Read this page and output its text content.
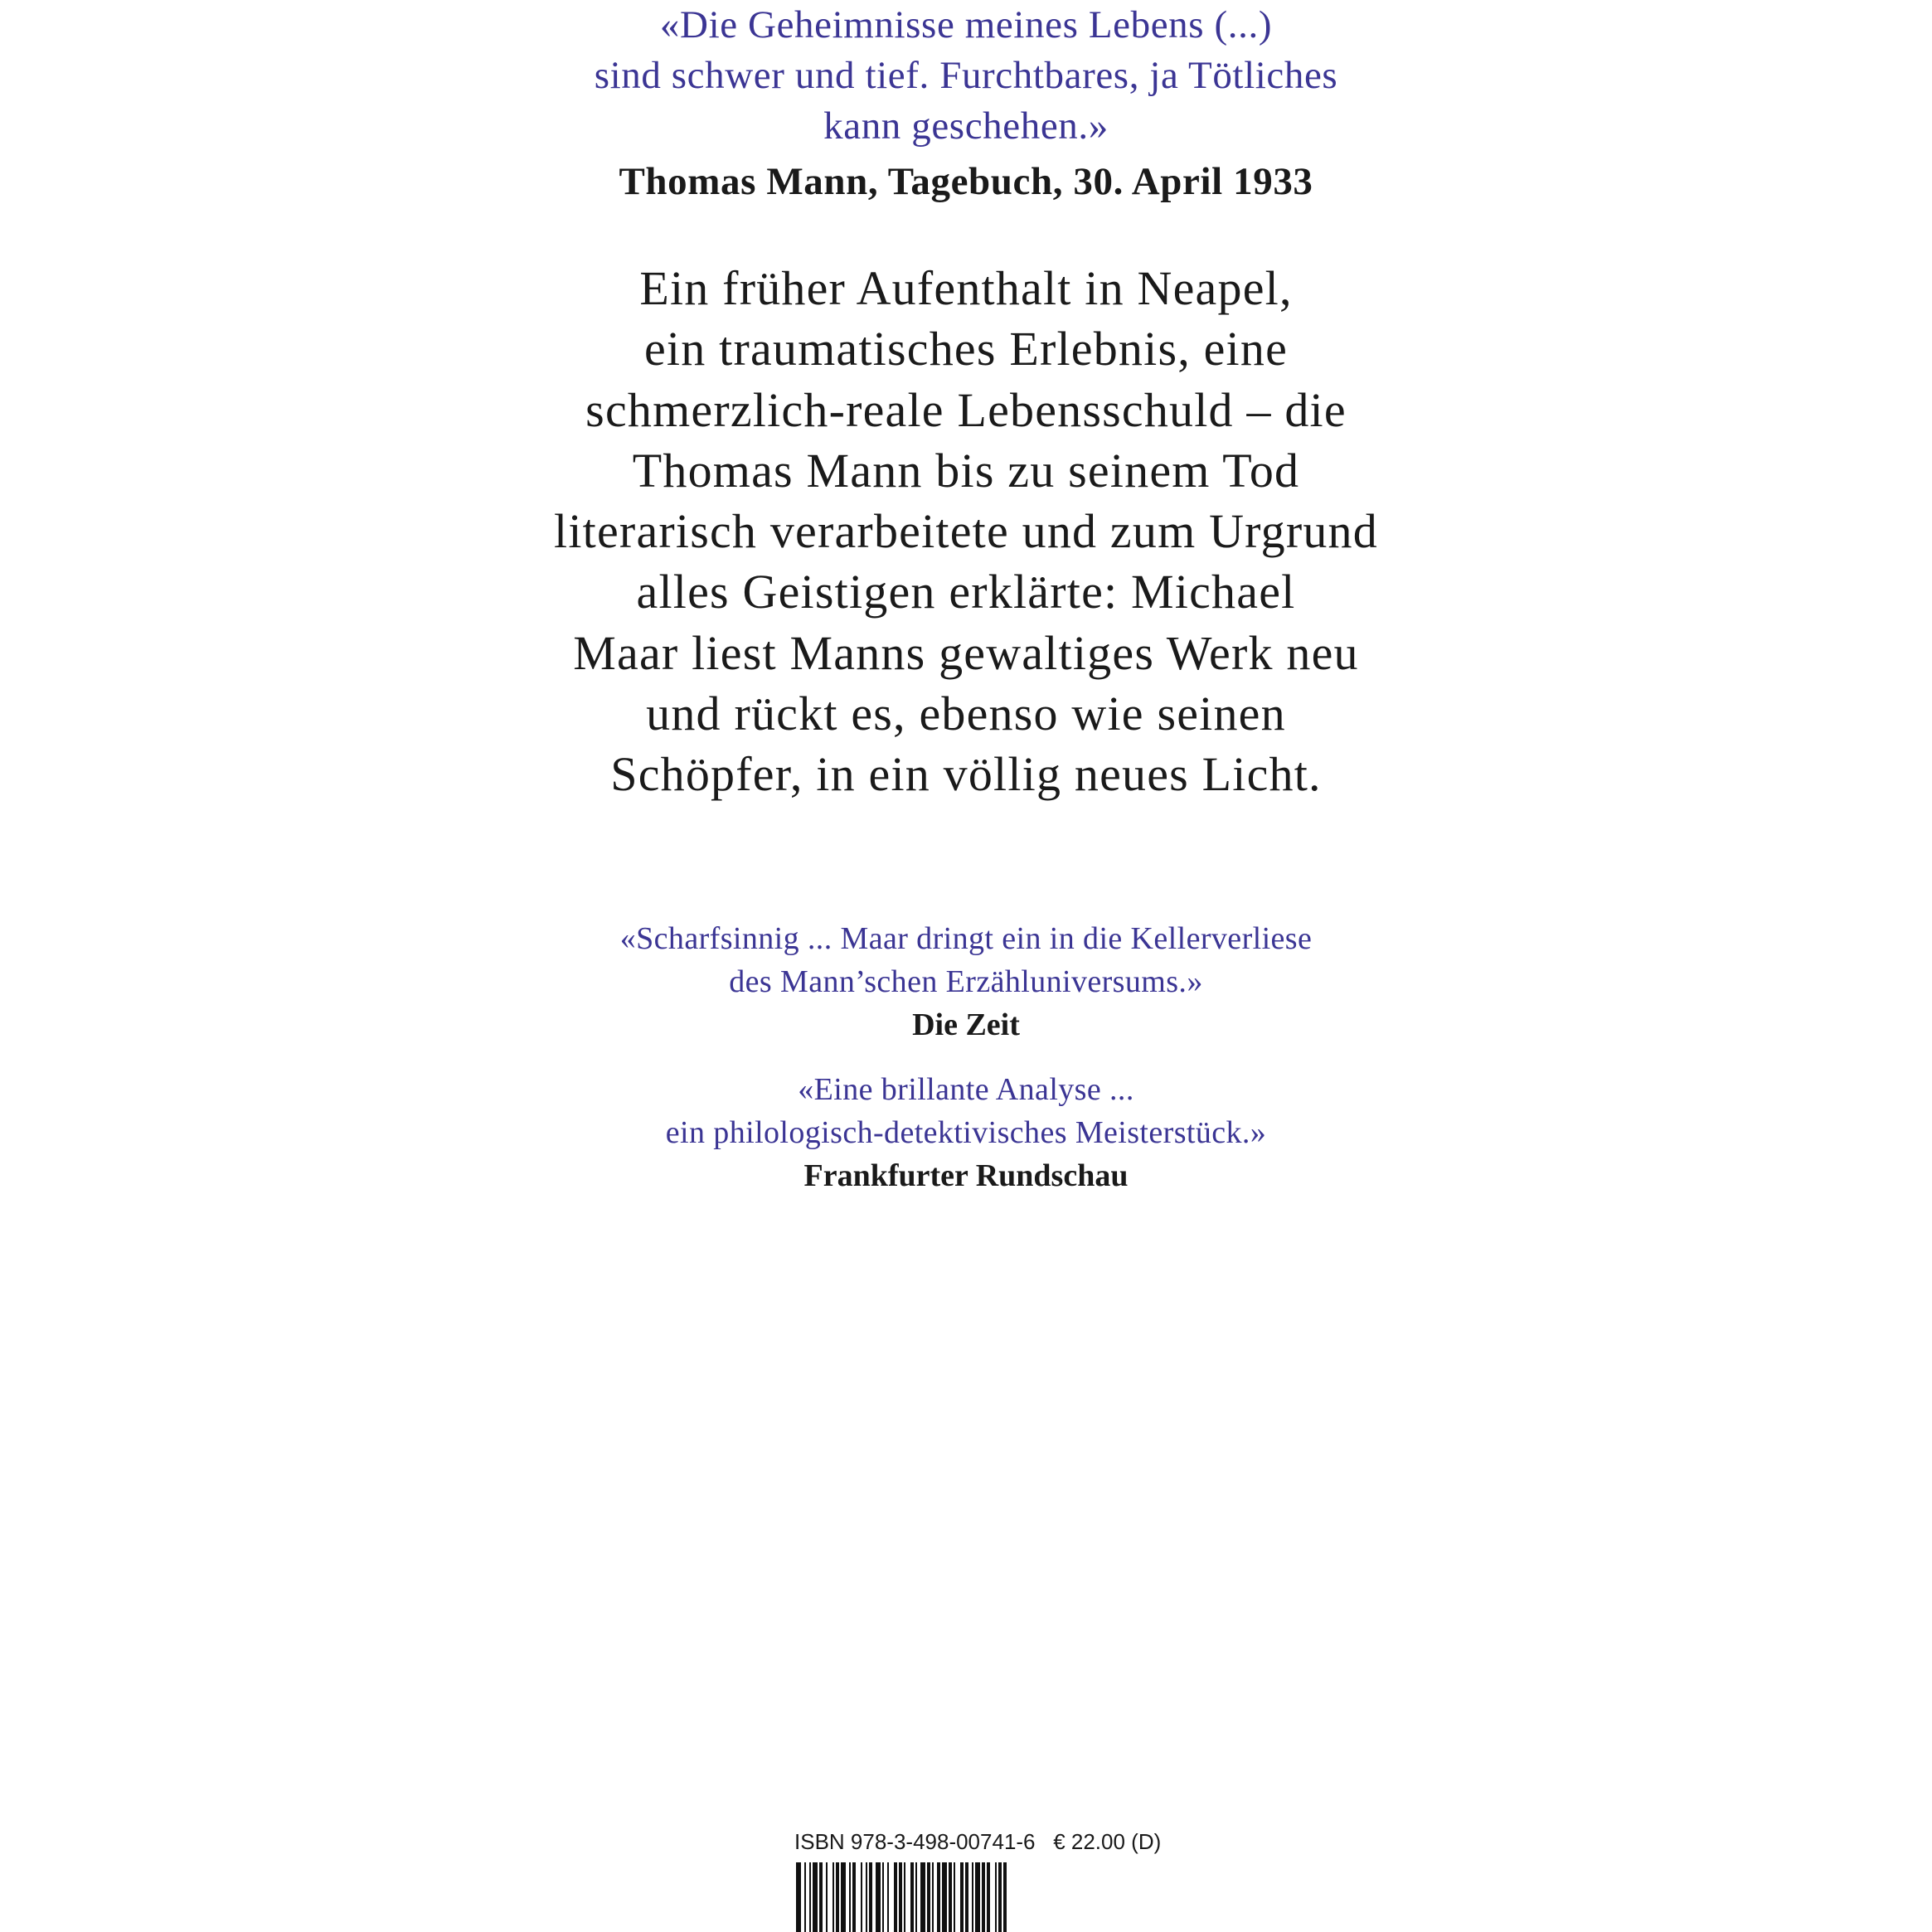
«Die Geheimnisse meines Lebens (...)
sind schwer und tief. Furchtbares, ja Tötliches
kann geschehen.»
Thomas Mann, Tagebuch, 30. April 1933
Ein früher Aufenthalt in Neapel,
ein traumatisches Erlebnis, eine
schmerzlich-reale Lebensschuld – die
Thomas Mann bis zu seinem Tod
literarisch verarbeitete und zum Urgrund
alles Geistigen erklärte: Michael
Maar liest Manns gewaltiges Werk neu
und rückt es, ebenso wie seinen
Schöpfer, in ein völlig neues Licht.
«Scharfsinnig ... Maar dringt ein in die Kellerverliese
des Mann’schen Erzähluniversums.»
Die Zeit
«Eine brillante Analyse ...
ein philologisch-detektivisches Meisterstück.»
Frankfurter Rundschau
ISBN 978-3-498-00741-6   € 22.00 (D)
